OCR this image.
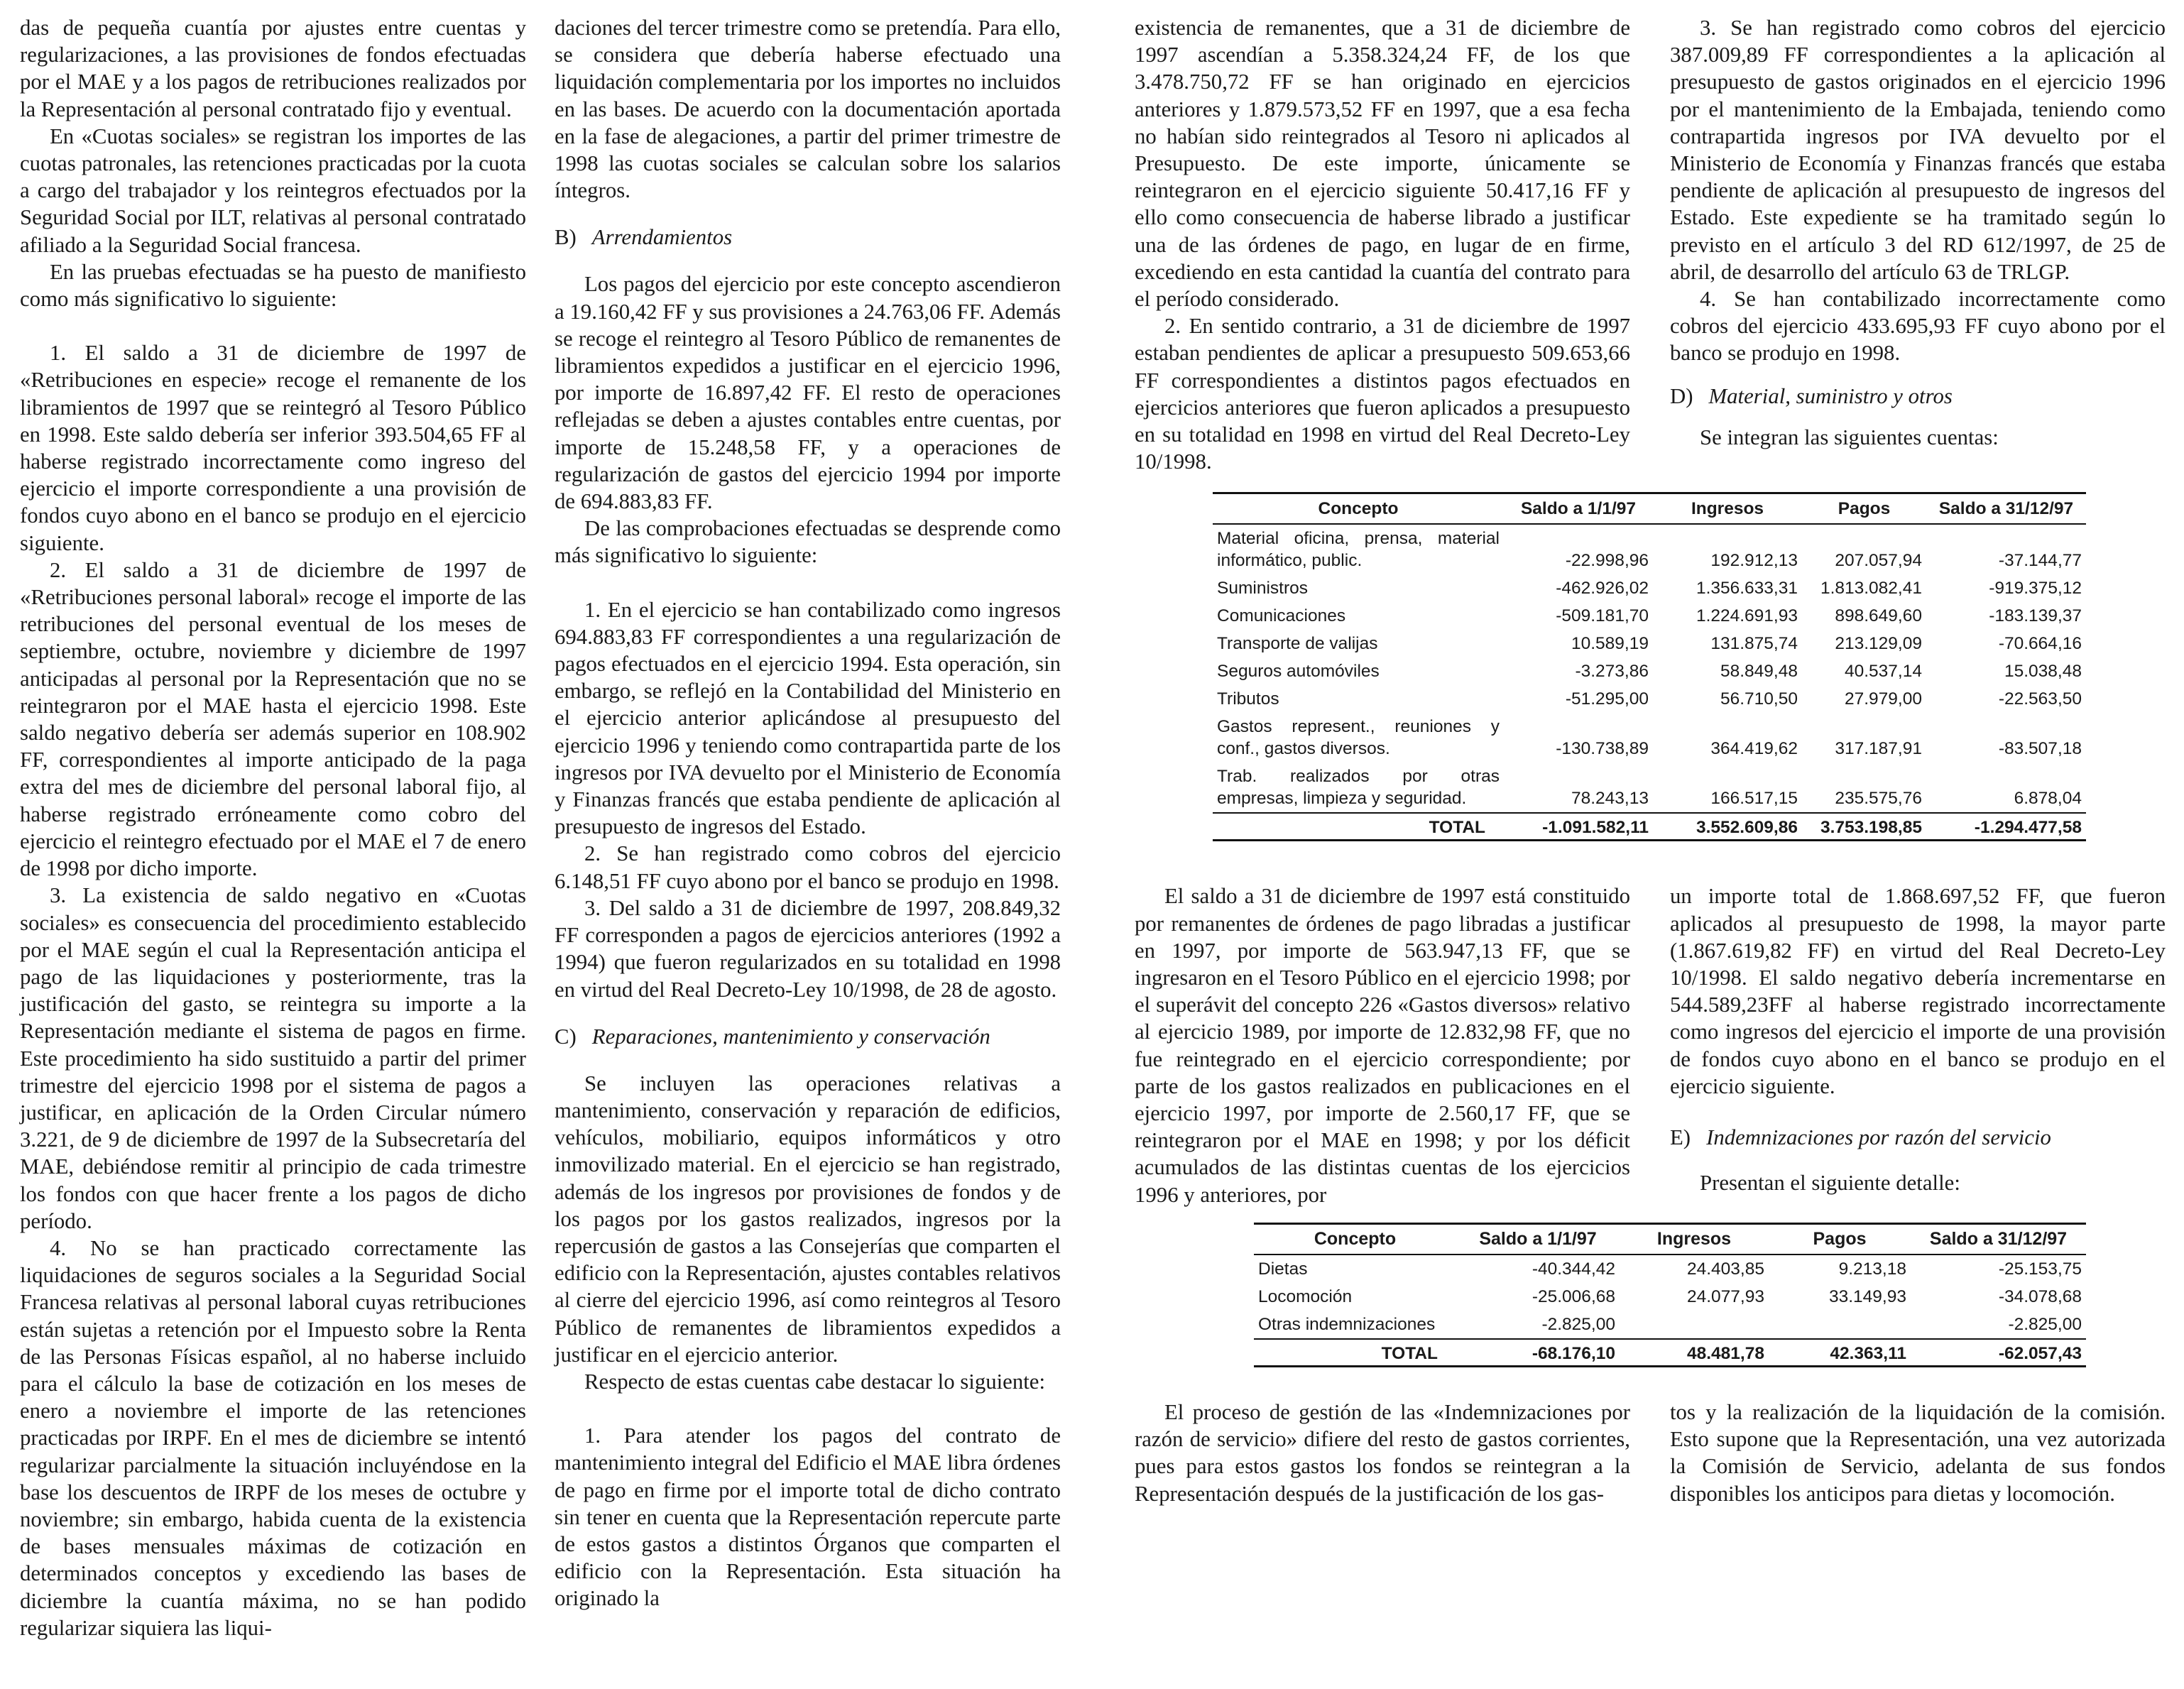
das de pequeña cuantía por ajustes entre cuentas y regularizaciones, a las provisiones de fondos efectuadas por el MAE y a los pagos de retribuciones realizados por la Representación al personal contratado fijo y eventual.

En «Cuotas sociales» se registran los importes de las cuotas patronales, las retenciones practicadas por la cuota a cargo del trabajador y los reintegros efectuados por la Seguridad Social por ILT, relativas al personal contratado afiliado a la Seguridad Social francesa.

En las pruebas efectuadas se ha puesto de manifiesto como más significativo lo siguiente:

1. El saldo a 31 de diciembre de 1997 de «Retribuciones en especie» recoge el remanente de los libramientos de 1997 que se reintegró al Tesoro Público en 1998. Este saldo debería ser inferior 393.504,65 FF al haberse registrado incorrectamente como ingreso del ejercicio el importe correspondiente a una provisión de fondos cuyo abono en el banco se produjo en el ejercicio siguiente.

2. El saldo a 31 de diciembre de 1997 de «Retribuciones personal laboral» recoge el importe de las retribuciones del personal eventual de los meses de septiembre, octubre, noviembre y diciembre de 1997 anticipadas al personal por la Representación que no se reintegraron por el MAE hasta el ejercicio 1998. Este saldo negativo debería ser además superior en 108.902 FF, correspondientes al importe anticipado de la paga extra del mes de diciembre del personal laboral fijo, al haberse registrado erróneamente como cobro del ejercicio el reintegro efectuado por el MAE el 7 de enero de 1998 por dicho importe.

3. La existencia de saldo negativo en «Cuotas sociales» es consecuencia del procedimiento establecido por el MAE según el cual la Representación anticipa el pago de las liquidaciones y posteriormente, tras la justificación del gasto, se reintegra su importe a la Representación mediante el sistema de pagos en firme. Este procedimiento ha sido sustituido a partir del primer trimestre del ejercicio 1998 por el sistema de pagos a justificar, en aplicación de la Orden Circular número 3.221, de 9 de diciembre de 1997 de la Subsecretaría del MAE, debiéndose remitir al principio de cada trimestre los fondos con que hacer frente a los pagos de dicho período.

4. No se han practicado correctamente las liquidaciones de seguros sociales a la Seguridad Social Francesa relativas al personal laboral cuyas retribuciones están sujetas a retención por el Impuesto sobre la Renta de las Personas Físicas español, al no haberse incluido para el cálculo la base de cotización en los meses de enero a noviembre el importe de las retenciones practicadas por IRPF. En el mes de diciembre se intentó regularizar parcialmente la situación incluyéndose en la base los descuentos de IRPF de los meses de octubre y noviembre; sin embargo, habida cuenta de la existencia de bases mensuales máximas de cotización en determinados conceptos y excediendo las bases de diciembre la cuantía máxima, no se han podido regularizar siquiera las liqui-

daciones del tercer trimestre como se pretendía. Para ello, se considera que debería haberse efectuado una liquidación complementaria por los importes no incluidos en las bases. De acuerdo con la documentación aportada en la fase de alegaciones, a partir del primer trimestre de 1998 las cuotas sociales se calculan sobre los salarios íntegros.

B) Arrendamientos

Los pagos del ejercicio por este concepto ascendieron a 19.160,42 FF y sus provisiones a 24.763,06 FF. Además se recoge el reintegro al Tesoro Público de remanentes de libramientos expedidos a justificar en el ejercicio 1996, por importe de 16.897,42 FF. El resto de operaciones reflejadas se deben a ajustes contables entre cuentas, por importe de 15.248,58 FF, y a operaciones de regularización de gastos del ejercicio 1994 por importe de 694.883,83 FF.

De las comprobaciones efectuadas se desprende como más significativo lo siguiente:

1. En el ejercicio se han contabilizado como ingresos 694.883,83 FF correspondientes a una regularización de pagos efectuados en el ejercicio 1994. Esta operación, sin embargo, se reflejó en la Contabilidad del Ministerio en el ejercicio anterior aplicándose al presupuesto del ejercicio 1996 y teniendo como contrapartida parte de los ingresos por IVA devuelto por el Ministerio de Economía y Finanzas francés que estaba pendiente de aplicación al presupuesto de ingresos del Estado.

2. Se han registrado como cobros del ejercicio 6.148,51 FF cuyo abono por el banco se produjo en 1998.

3. Del saldo a 31 de diciembre de 1997, 208.849,32 FF corresponden a pagos de ejercicios anteriores (1992 a 1994) que fueron regularizados en su totalidad en 1998 en virtud del Real Decreto-Ley 10/1998, de 28 de agosto.

C) Reparaciones, mantenimiento y conservación

Se incluyen las operaciones relativas a mantenimiento, conservación y reparación de edificios, vehículos, mobiliario, equipos informáticos y otro inmovilizado material. En el ejercicio se han registrado, además de los ingresos por provisiones de fondos y de los pagos por los gastos realizados, ingresos por la repercusión de gastos a las Consejerías que comparten el edificio con la Representación, ajustes contables relativos al cierre del ejercicio 1996, así como reintegros al Tesoro Público de remanentes de libramientos expedidos a justificar en el ejercicio anterior.

Respecto de estas cuentas cabe destacar lo siguiente:

1. Para atender los pagos del contrato de mantenimiento integral del Edificio el MAE libra órdenes de pago en firme por el importe total de dicho contrato sin tener en cuenta que la Representación repercute parte de estos gastos a distintos Órganos que comparten el edificio con la Representación. Esta situación ha originado la

existencia de remanentes, que a 31 de diciembre de 1997 ascendían a 5.358.324,24 FF, de los que 3.478.750,72 FF se han originado en ejercicios anteriores y 1.879.573,52 FF en 1997, que a esa fecha no habían sido reintegrados al Tesoro ni aplicados al Presupuesto. De este importe, únicamente se reintegraron en el ejercicio siguiente 50.417,16 FF y ello como consecuencia de haberse librado a justificar una de las órdenes de pago, en lugar de en firme, excediendo en esta cantidad la cuantía del contrato para el período considerado.

2. En sentido contrario, a 31 de diciembre de 1997 estaban pendientes de aplicar a presupuesto 509.653,66 FF correspondientes a distintos pagos efectuados en ejercicios anteriores que fueron aplicados a presupuesto en su totalidad en 1998 en virtud del Real Decreto-Ley 10/1998.

3. Se han registrado como cobros del ejercicio 387.009,89 FF correspondientes a la aplicación al presupuesto de gastos originados en el ejercicio 1996 por el mantenimiento de la Embajada, teniendo como contrapartida ingresos por IVA devuelto por el Ministerio de Economía y Finanzas francés que estaba pendiente de aplicación al presupuesto de ingresos del Estado. Este expediente se ha tramitado según lo previsto en el artículo 3 del RD 612/1997, de 25 de abril, de desarrollo del artículo 63 de TRLGP.

4. Se han contabilizado incorrectamente como cobros del ejercicio 433.695,93 FF cuyo abono por el banco se produjo en 1998.

D) Material, suministro y otros

Se integran las siguientes cuentas:

Concepto	Saldo a 1/1/97	Ingresos	Pagos	Saldo a 31/12/97
Material oficina, prensa, material informático, public.	-22.998,96	192.912,13	207.057,94	-37.144,77
Suministros	-462.926,02	1.356.633,31	1.813.082,41	-919.375,12
Comunicaciones	-509.181,70	1.224.691,93	898.649,60	-183.139,37
Transporte de valijas	10.589,19	131.875,74	213.129,09	-70.664,16
Seguros automóviles	-3.273,86	58.849,48	40.537,14	15.038,48
Tributos	-51.295,00	56.710,50	27.979,00	-22.563,50
Gastos represent., reuniones y conf., gastos diversos.	-130.738,89	364.419,62	317.187,91	-83.507,18
Trab. realizados por otras empresas, limpieza y seguridad.	78.243,13	166.517,15	235.575,76	6.878,04
TOTAL	-1.091.582,11	3.552.609,86	3.753.198,85	-1.294.477,58

El saldo a 31 de diciembre de 1997 está constituido por remanentes de órdenes de pago libradas a justificar en 1997, por importe de 563.947,13 FF, que se ingresaron en el Tesoro Público en el ejercicio 1998; por el superávit del concepto 226 «Gastos diversos» relativo al ejercicio 1989, por importe de 12.832,98 FF, que no fue reintegrado en el ejercicio correspondiente; por parte de los gastos realizados en publicaciones en el ejercicio 1997, por importe de 2.560,17 FF, que se reintegraron por el MAE en 1998; y por los déficit acumulados de las distintas cuentas de los ejercicios 1996 y anteriores, por

un importe total de 1.868.697,52 FF, que fueron aplicados al presupuesto de 1998, la mayor parte (1.867.619,82 FF) en virtud del Real Decreto-Ley 10/1998. El saldo negativo debería incrementarse en 544.589,23FF al haberse registrado incorrectamente como ingresos del ejercicio el importe de una provisión de fondos cuyo abono en el banco se produjo en el ejercicio siguiente.

E) Indemnizaciones por razón del servicio

Presentan el siguiente detalle:

Concepto	Saldo a 1/1/97	Ingresos	Pagos	Saldo a 31/12/97
Dietas	-40.344,42	24.403,85	9.213,18	-25.153,75
Locomoción	-25.006,68	24.077,93	33.149,93	-34.078,68
Otras indemnizaciones	-2.825,00			-2.825,00
TOTAL	-68.176,10	48.481,78	42.363,11	-62.057,43

El proceso de gestión de las «Indemnizaciones por razón de servicio» difiere del resto de gastos corrientes, pues para estos gastos los fondos se reintegran a la Representación después de la justificación de los gas-

tos y la realización de la liquidación de la comisión. Esto supone que la Representación, una vez autorizada la Comisión de Servicio, adelanta de sus fondos disponibles los anticipos para dietas y locomoción.
